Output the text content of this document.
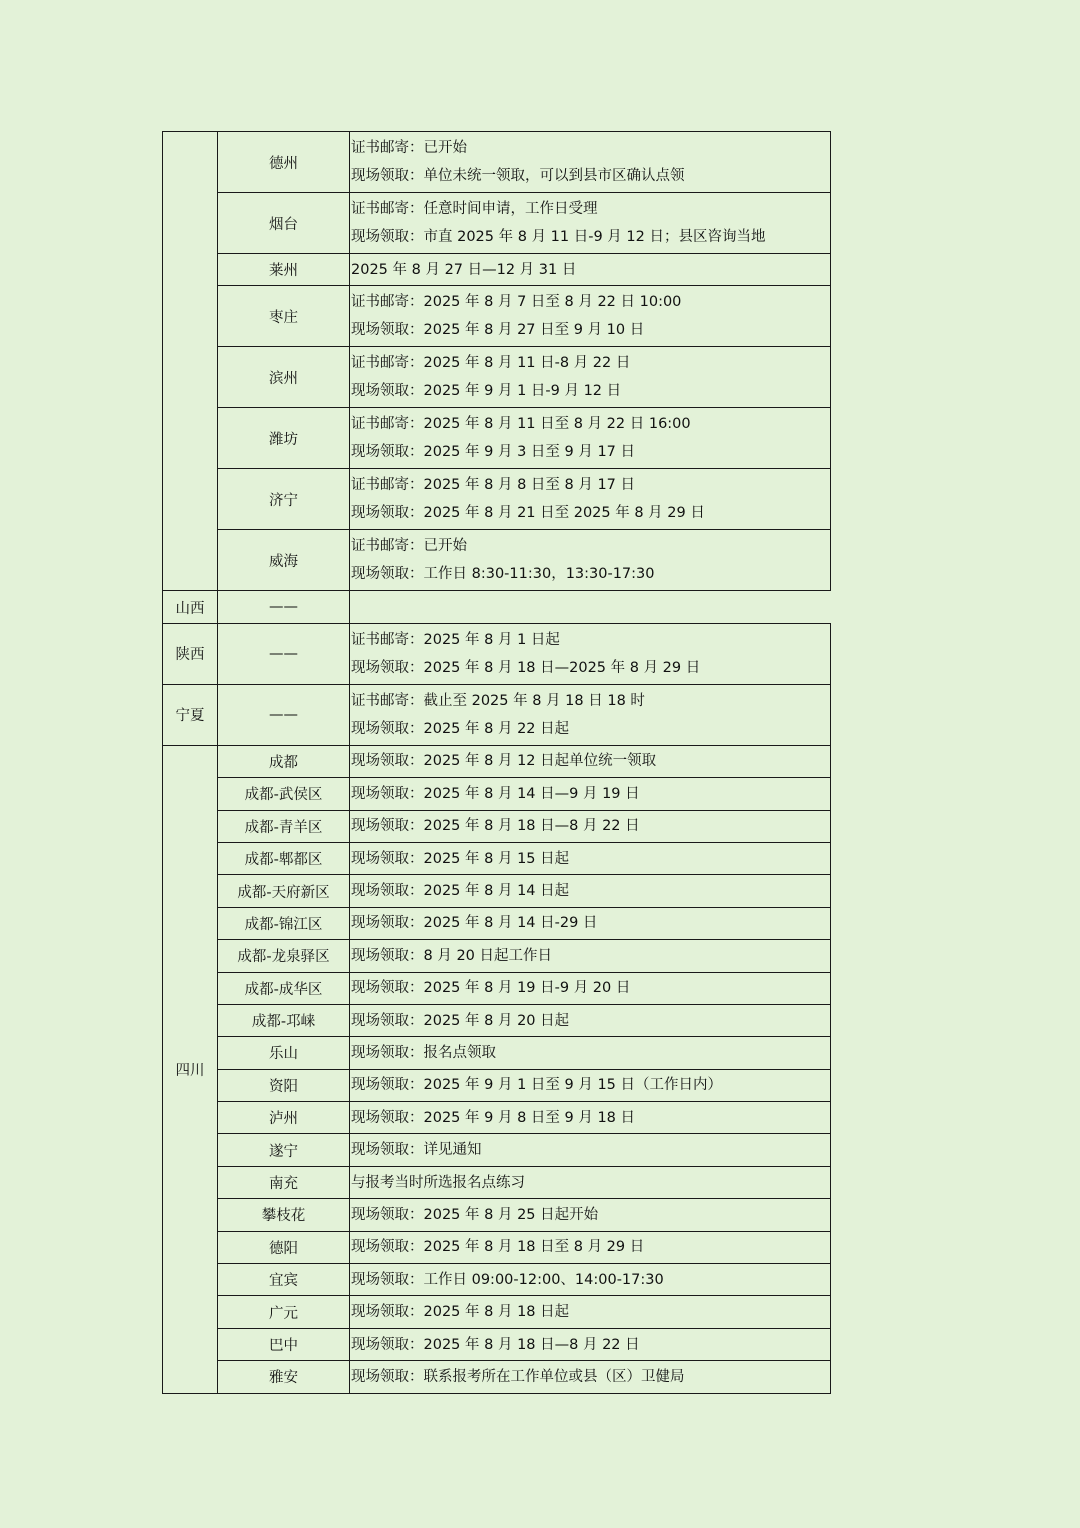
	德州	证书邮寄：已开始
现场领取：单位未统一领取，可以到县市区确认点领

	烟台	证书邮寄：任意时间申请，工作日受理
现场领取：市直 2025 年 8 月 11 日-9 月 12 日；县区咨询当地

	莱州	2025 年 8 月 27 日—12 月 31 日

	枣庄	证书邮寄：2025 年 8 月 7 日至 8 月 22 日 10:00
现场领取：2025 年 8 月 27 日至 9 月 10 日

	滨州	证书邮寄：2025 年 8 月 11 日-8 月 22 日
现场领取：2025 年 9 月 1 日-9 月 12 日

	潍坊	证书邮寄：2025 年 8 月 11 日至 8 月 22 日 16:00
现场领取：2025 年 9 月 3 日至 9 月 17 日

	济宁	证书邮寄：2025 年 8 月 8 日至 8 月 17 日
现场领取：2025 年 8 月 21 日至 2025 年 8 月 29 日

	威海	证书邮寄：已开始
现场领取：工作日 8:30-11:30，13:30-17:30

山西	——	
陕西	——	证书邮寄：2025 年 8 月 1 日起
现场领取：2025 年 8 月 18 日—2025 年 8 月 29 日

宁夏	——	证书邮寄：截止至 2025 年 8 月 18 日 18 时
现场领取：2025 年 8 月 22 日起

四川	成都	现场领取：2025 年 8 月 12 日起单位统一领取

	成都-武侯区	现场领取：2025 年 8 月 14 日—9 月 19 日

	成都-青羊区	现场领取：2025 年 8 月 18 日—8 月 22 日

	成都-郫都区	现场领取：2025 年 8 月 15 日起

	成都-天府新区	现场领取：2025 年 8 月 14 日起

	成都-锦江区	现场领取：2025 年 8 月 14 日-29 日

	成都-龙泉驿区	现场领取：8 月 20 日起工作日

	成都-成华区	现场领取：2025 年 8 月 19 日-9 月 20 日

	成都-邛崃	现场领取：2025 年 8 月 20 日起

	乐山	现场领取：报名点领取

	资阳	现场领取：2025 年 9 月 1 日至 9 月 15 日（工作日内）

	泸州	现场领取：2025 年 9 月 8 日至 9 月 18 日

	遂宁	现场领取：详见通知

	南充	与报考当时所选报名点练习

	攀枝花	现场领取：2025 年 8 月 25 日起开始

	德阳	现场领取：2025 年 8 月 18 日至 8 月 29 日

	宜宾	现场领取：工作日 09:00-12:00、14:00-17:30

	广元	现场领取：2025 年 8 月 18 日起

	巴中	现场领取：2025 年 8 月 18 日—8 月 22 日

	雅安	现场领取：联系报考所在工作单位或县（区）卫健局
